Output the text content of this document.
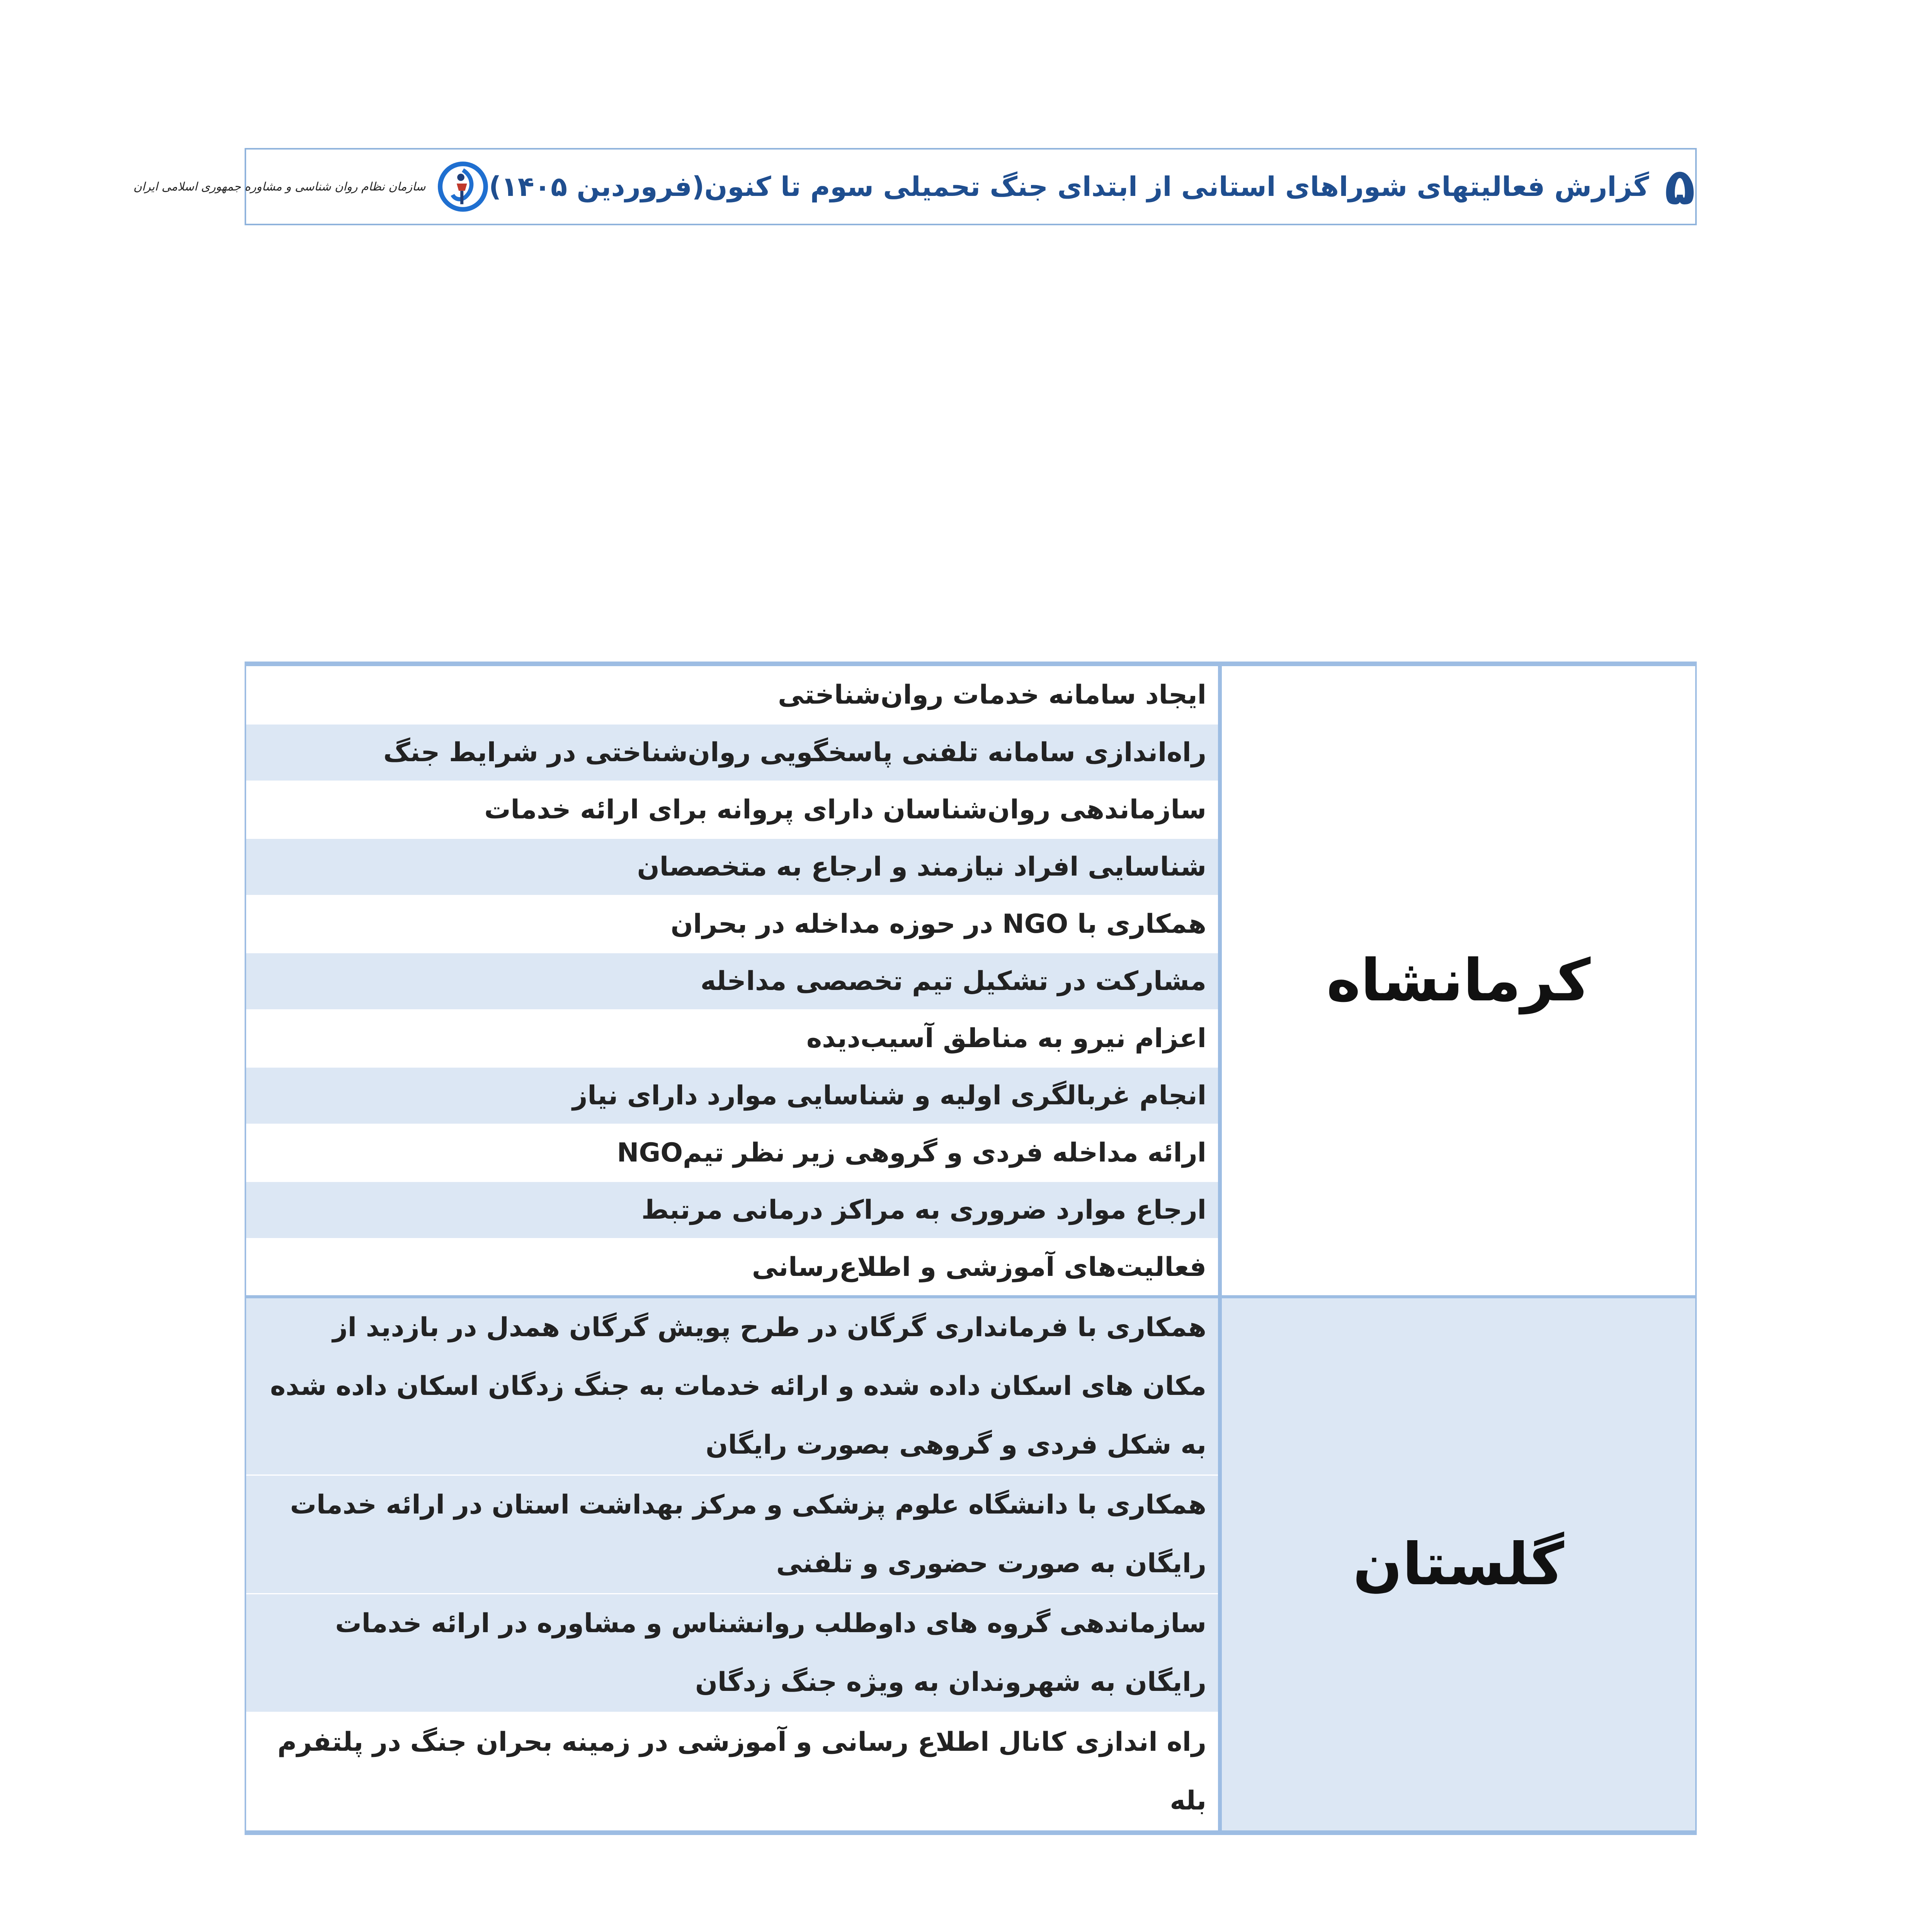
۵
گزارش فعالیتهای شوراهای استانی از ابتدای جنگ تحمیلی سوم تا کنون(فروردین ۱۴۰۵)
سازمان نظام روان شناسی و مشاوره جمهوری اسلامی ایران
کرمانشاه
ایجاد سامانه خدمات روان‌شناختی
راه‌اندازی سامانه تلفنی پاسخگویی روان‌شناختی در شرایط جنگ
سازماندهی روان‌شناسان دارای پروانه برای ارائه خدمات
شناسایی افراد نیازمند و ارجاع به متخصصان
همکاری با NGO در حوزه مداخله در بحران
مشارکت در تشکیل تیم تخصصی مداخله
اعزام نیرو به مناطق آسیب‌دیده
انجام غربالگری اولیه و شناسایی موارد دارای نیاز
ارائه مداخله فردی و گروهی زیر نظر تیمNGO
ارجاع موارد ضروری به مراکز درمانی مرتبط
فعالیت‌های آموزشی و اطلاع‌رسانی
گلستان
همکاری با فرمانداری گرگان در طرح پویش گرگان همدل در بازدید از مکان های اسکان داده شده و ارائه خدمات به جنگ زدگان اسکان داده شده به شکل فردی و گروهی بصورت رایگان
همکاری با دانشگاه علوم پزشکی و مرکز بهداشت استان در ارائه خدمات رایگان به صورت حضوری و تلفنی
سازماندهی گروه های داوطلب روانشناس و مشاوره در ارائه خدمات رایگان به شهروندان به ویژه جنگ زدگان
راه اندازی کانال اطلاع رسانی و آموزشی در زمینه بحران جنگ در پلتفرم بله
